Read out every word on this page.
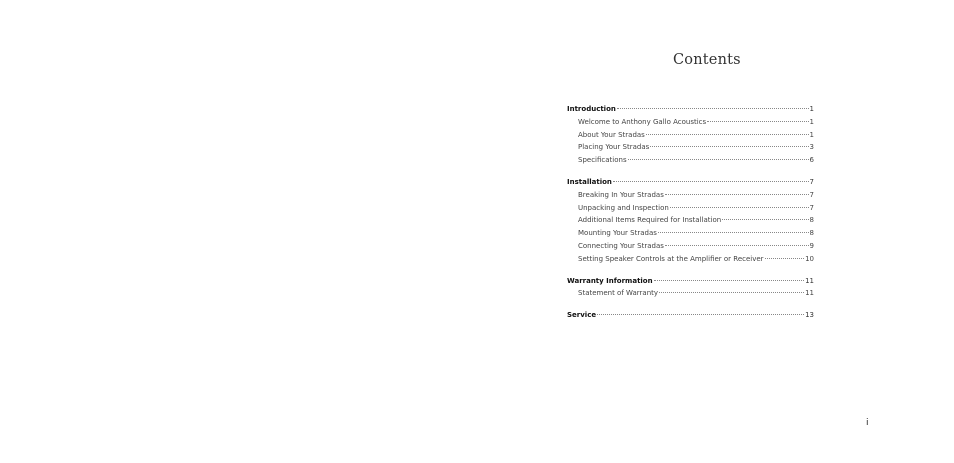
Contents
Introduction	1
Welcome to Anthony Gallo Acoustics	1
About Your Stradas	1
Placing Your Stradas	3
Specifications	6
Installation	7
Breaking In Your Stradas	7
Unpacking and Inspection	7
Additional Items Required for Installation	8
Mounting Your Stradas	8
Connecting Your Stradas	9
Setting Speaker Controls at the Amplifier or Receiver	10
Warranty Information	11
Statement of Warranty	11
Service	13
i
